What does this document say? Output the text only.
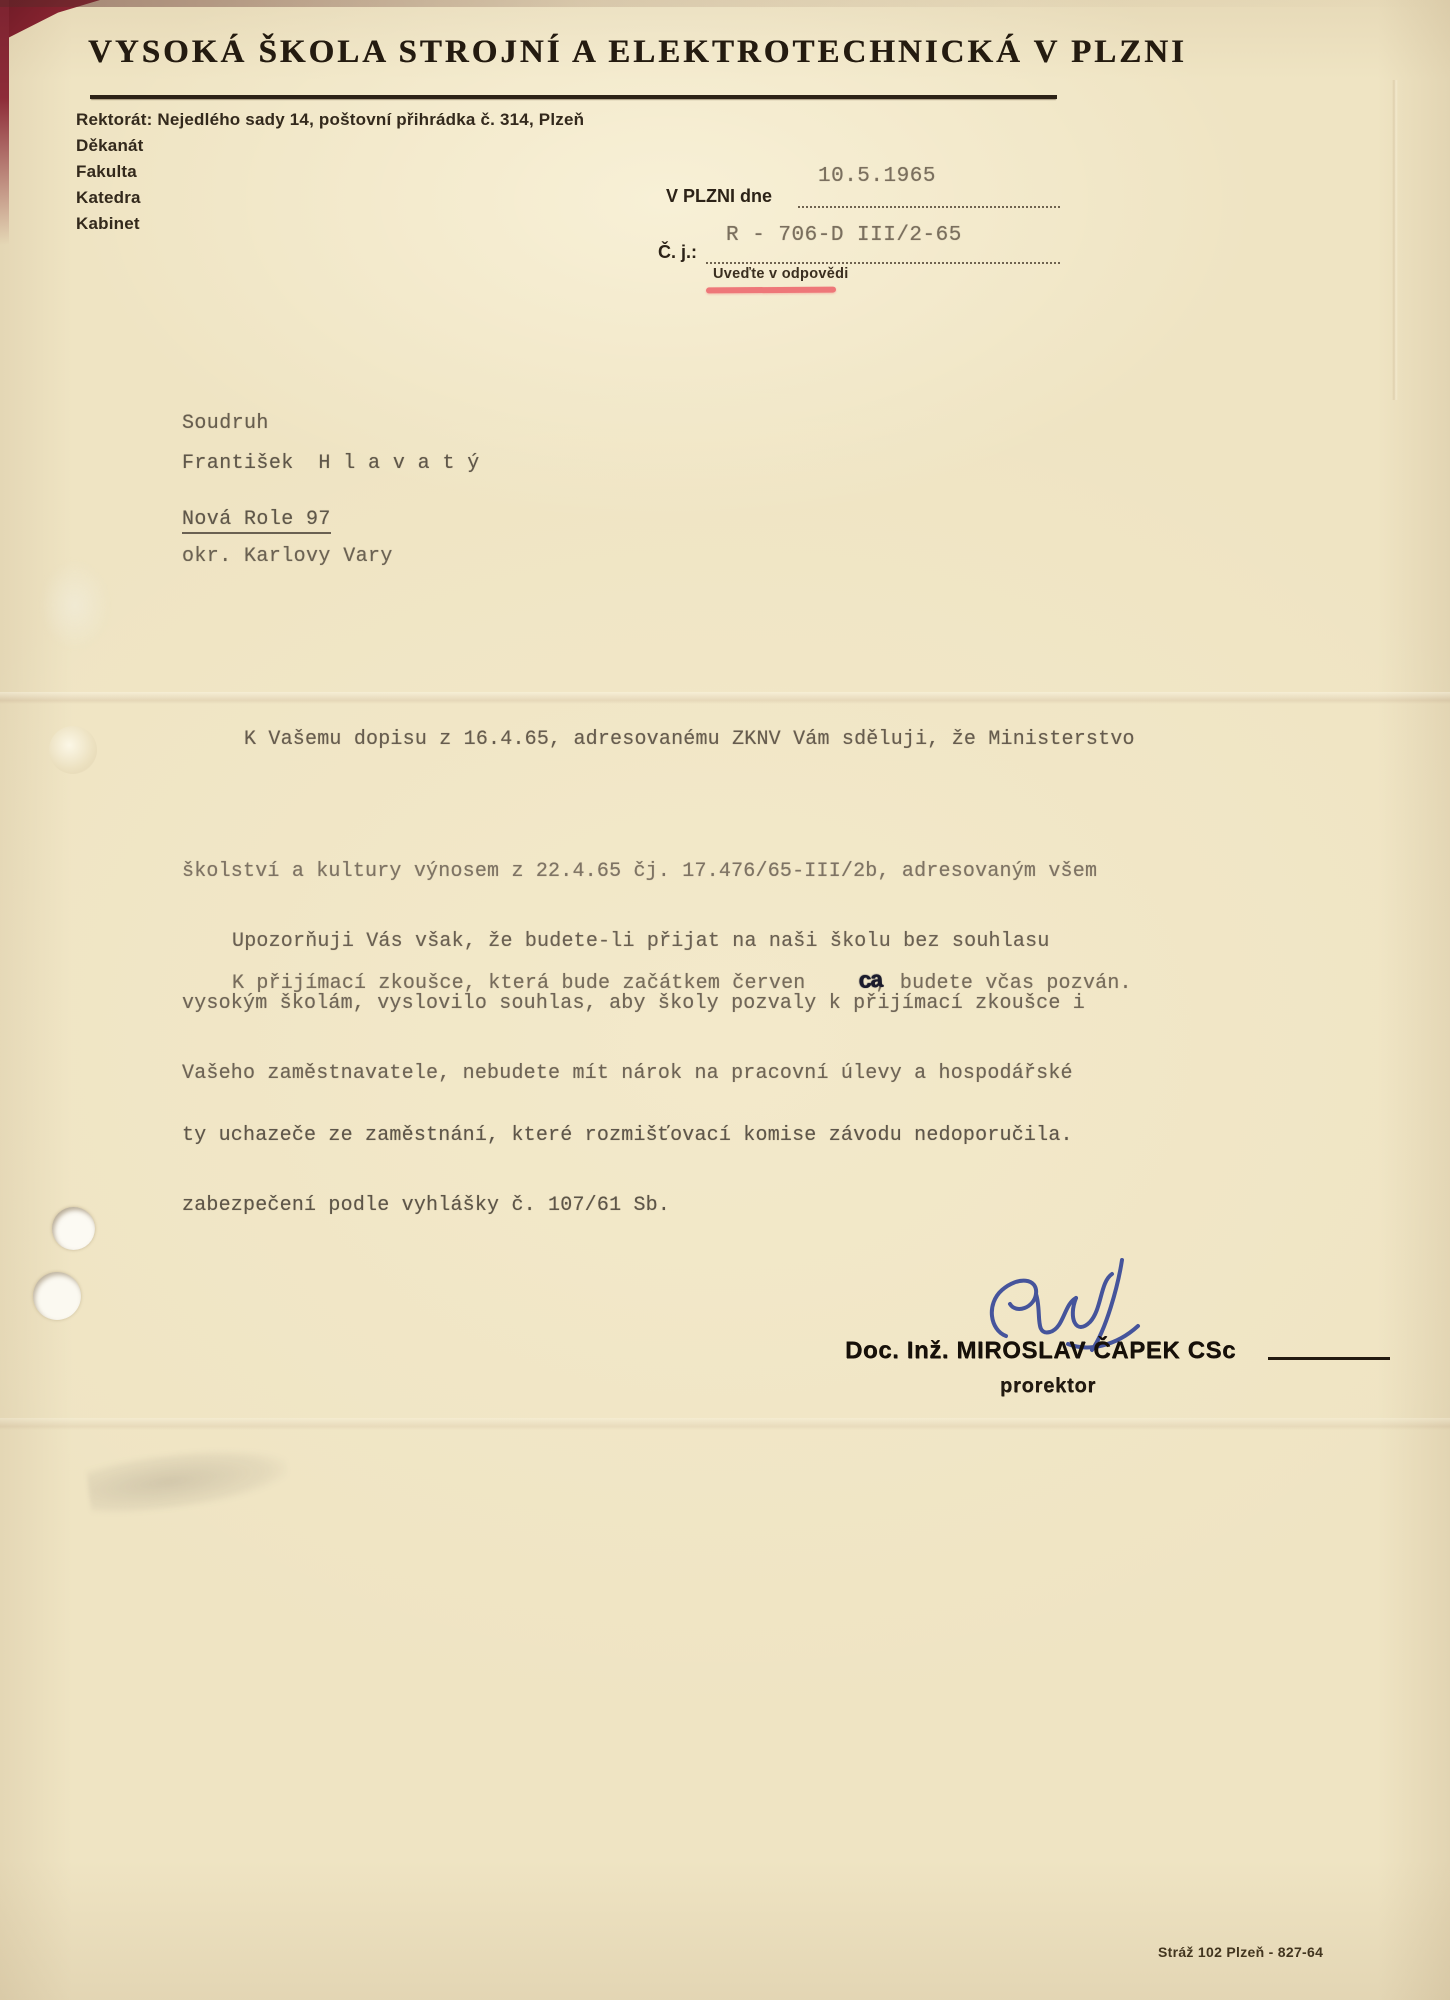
VYSOKÁ ŠKOLA STROJNÍ A ELEKTROTECHNICKÁ V PLZNI
Rektorát: Nejedlého sady 14, poštovní přihrádka č. 314, Plzeň
Děkanát
Fakulta
Katedra
Kabinet
10.5.1965
V PLZNI dne
R - 706-D III/2-65
Č. j.:
Uveďte v odpovědi
Soudruh
František  H l a v a t ý
Nová Role 97
okr. Karlovy Vary

K Vašemu dopisu z 16.4.65, adresovanému ZKNV Vám sděluji, že Ministerstvo

školství a kultury výnosem z 22.4.65 čj. 17.476/65-III/2b, adresovaným všem

vysokým školám, vyslovilo souhlas, aby školy pozvaly k přijímací zkoušce i

ty uchazeče ze zaměstnání, které rozmišťovací komise závodu nedoporučila.

Upozorňuji Vás však, že budete-li přijat na naši školu bez souhlasu

Vašeho zaměstnavatele, nebudete mít nárok na pracovní úlevy a hospodářské

zabezpečení podle vyhlášky č. 107/61 Sb.

K přijímací zkoušce, která bude začátkem červen	ca, budete včas pozván.
Doc. Inž. MIROSLAV ČAPEK CSc
prorektor
Stráž 102 Plzeň - 827-64
